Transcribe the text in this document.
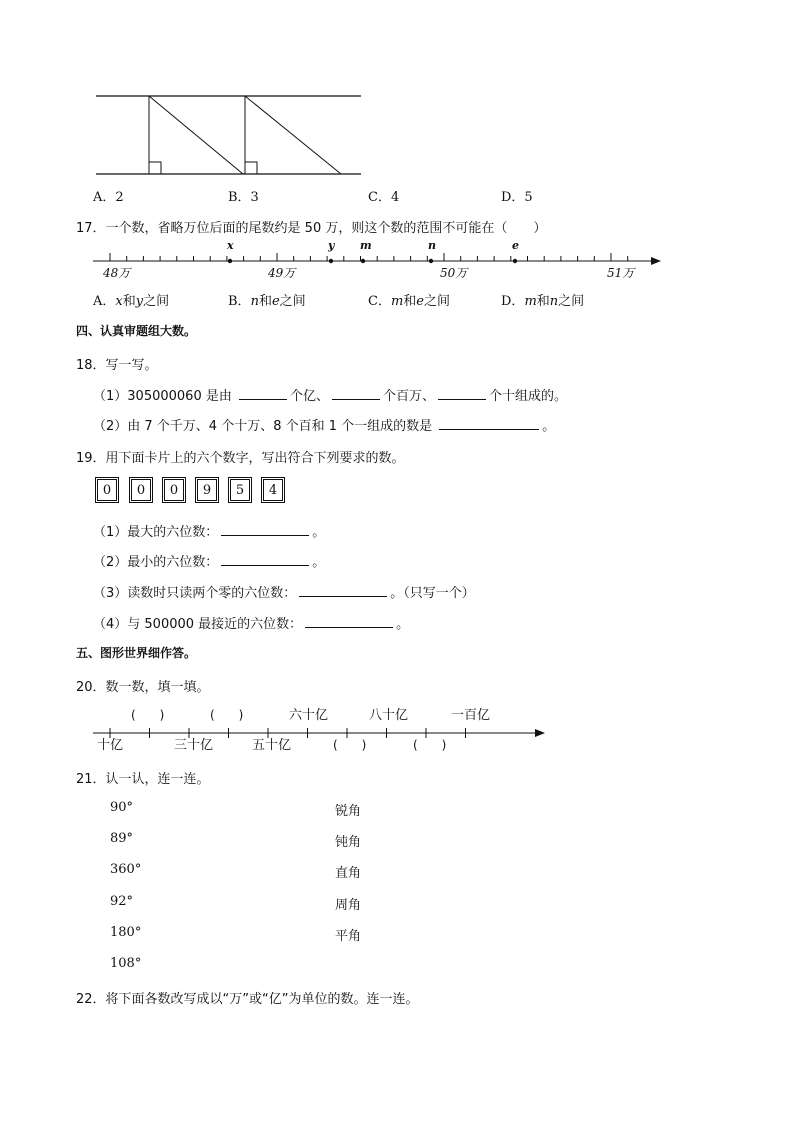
A．2	B．3	C．4	D．5
17．一个数，省略万位后面的尾数约是 50 万，则这个数的范围不可能在（　　）
48万	49万	50万	51万
x	y m	n	e
A．x和y之间	B．n和e之间	C．m和e之间	D．m和n之间
四、认真审题组大数。
18．写一写。
（1）305000060 是由	个亿、	个百万、	个十组成的。
（2）由 7 个千万、4 个十万、8 个百和 1 个一组成的数是	。
19．用下面卡片上的六个数字，写出符合下列要求的数。
0	0	0	9	5	4
（1）最大的六位数：	。
（2）最小的六位数：	。
（3）读数时只读两个零的六位数：	。（只写一个）
（4）与 500000 最接近的六位数：	。
五、图形世界细作答。
20．数一数，填一填。
(　　)	(　　)	六十亿	八十亿	一百亿
十亿	三十亿	五十亿	(　　)	(　　)
21．认一认，连一连。
90°
89°
360°
92°
180°
108°
锐角
钝角
直角
周角
平角
22．将下面各数改写成以“万”或“亿”为单位的数。连一连。
